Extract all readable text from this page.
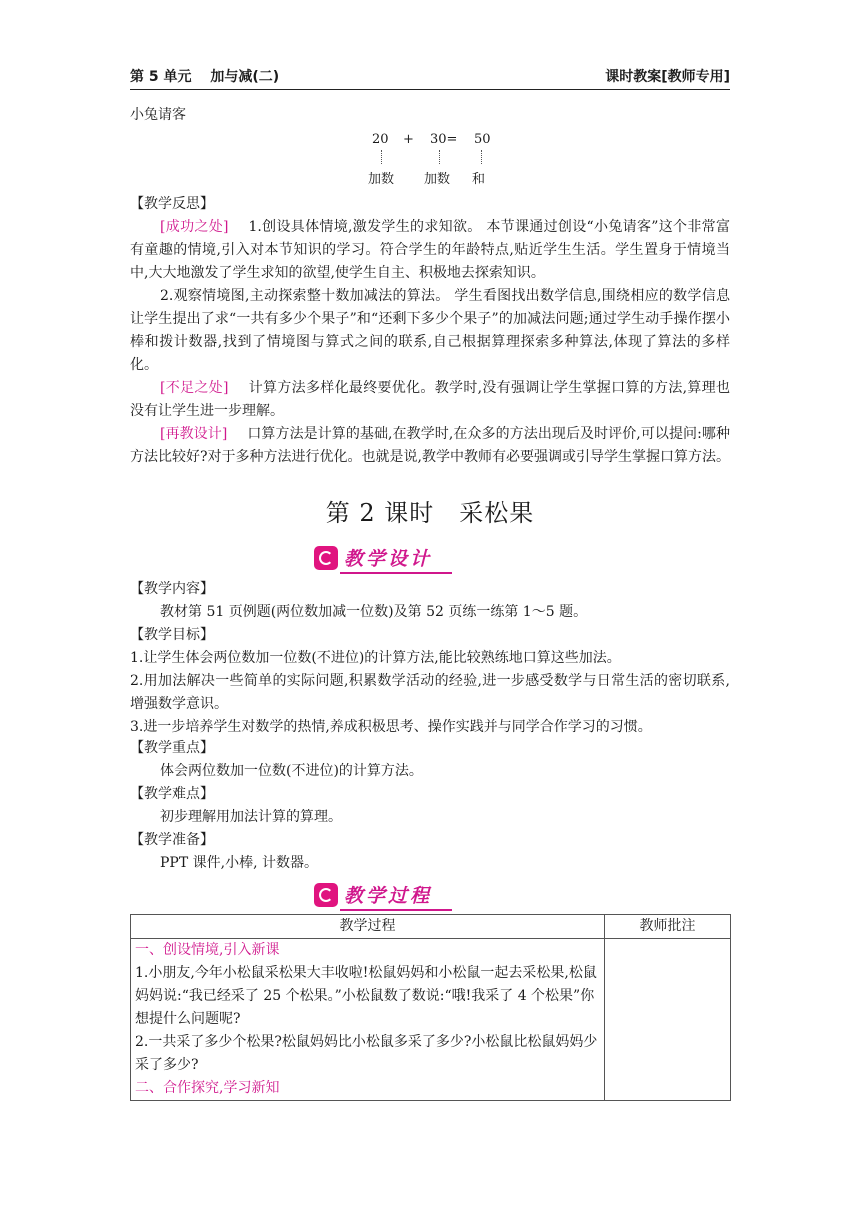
第 5 单元 加与减(二)	课时教案[教师专用]
小兔请客
20 + 30= 50
加数 加数 和
【教学反思】
[成功之处] 1.创设具体情境,激发学生的求知欲。 本节课通过创设“小兔请客”这个非常富有童趣的情境,引入对本节知识的学习。符合学生的年龄特点,贴近学生生活。学生置身于情境当中,大大地激发了学生求知的欲望,使学生自主、积极地去探索知识。
2.观察情境图,主动探索整十数加减法的算法。 学生看图找出数学信息,围绕相应的数学信息让学生提出了求“一共有多少个果子”和“还剩下多少个果子”的加减法问题;通过学生动手操作摆小棒和拨计数器,找到了情境图与算式之间的联系,自己根据算理探索多种算法,体现了算法的多样化。
[不足之处] 计算方法多样化最终要优化。教学时,没有强调让学生掌握口算的方法,算理也没有让学生进一步理解。
[再教设计] 口算方法是计算的基础,在教学时,在众多的方法出现后及时评价,可以提问:哪种方法比较好?对于多种方法进行优化。也就是说,教学中教师有必要强调或引导学生掌握口算方法。
第 2 课时　采松果
教学设计
【教学内容】
教材第 51 页例题(两位数加减一位数)及第 52 页练一练第 1〜5 题。
【教学目标】
1.让学生体会两位数加一位数(不进位)的计算方法,能比较熟练地口算这些加法。
2.用加法解决一些简单的实际问题,积累数学活动的经验,进一步感受数学与日常生活的密切联系,增强数学意识。
3.进一步培养学生对数学的热情,养成积极思考、操作实践并与同学合作学习的习惯。
【教学重点】
体会两位数加一位数(不进位)的计算方法。
【教学难点】
初步理解用加法计算的算理。
【教学准备】
PPT 课件,小棒, 计数器。
教学过程
教学过程	教师批注

一、创设情境,引入新课
1.小朋友,今年小松鼠采松果大丰收啦!松鼠妈妈和小松鼠一起去采松果,松鼠妈妈说:“我已经采了 25 个松果。”小松鼠数了数说:“哦!我采了 4 个松果”你想提什么问题呢?
2.一共采了多少个松果?松鼠妈妈比小松鼠多采了多少?小松鼠比松鼠妈妈少采了多少?
二、合作探究,学习新知	
